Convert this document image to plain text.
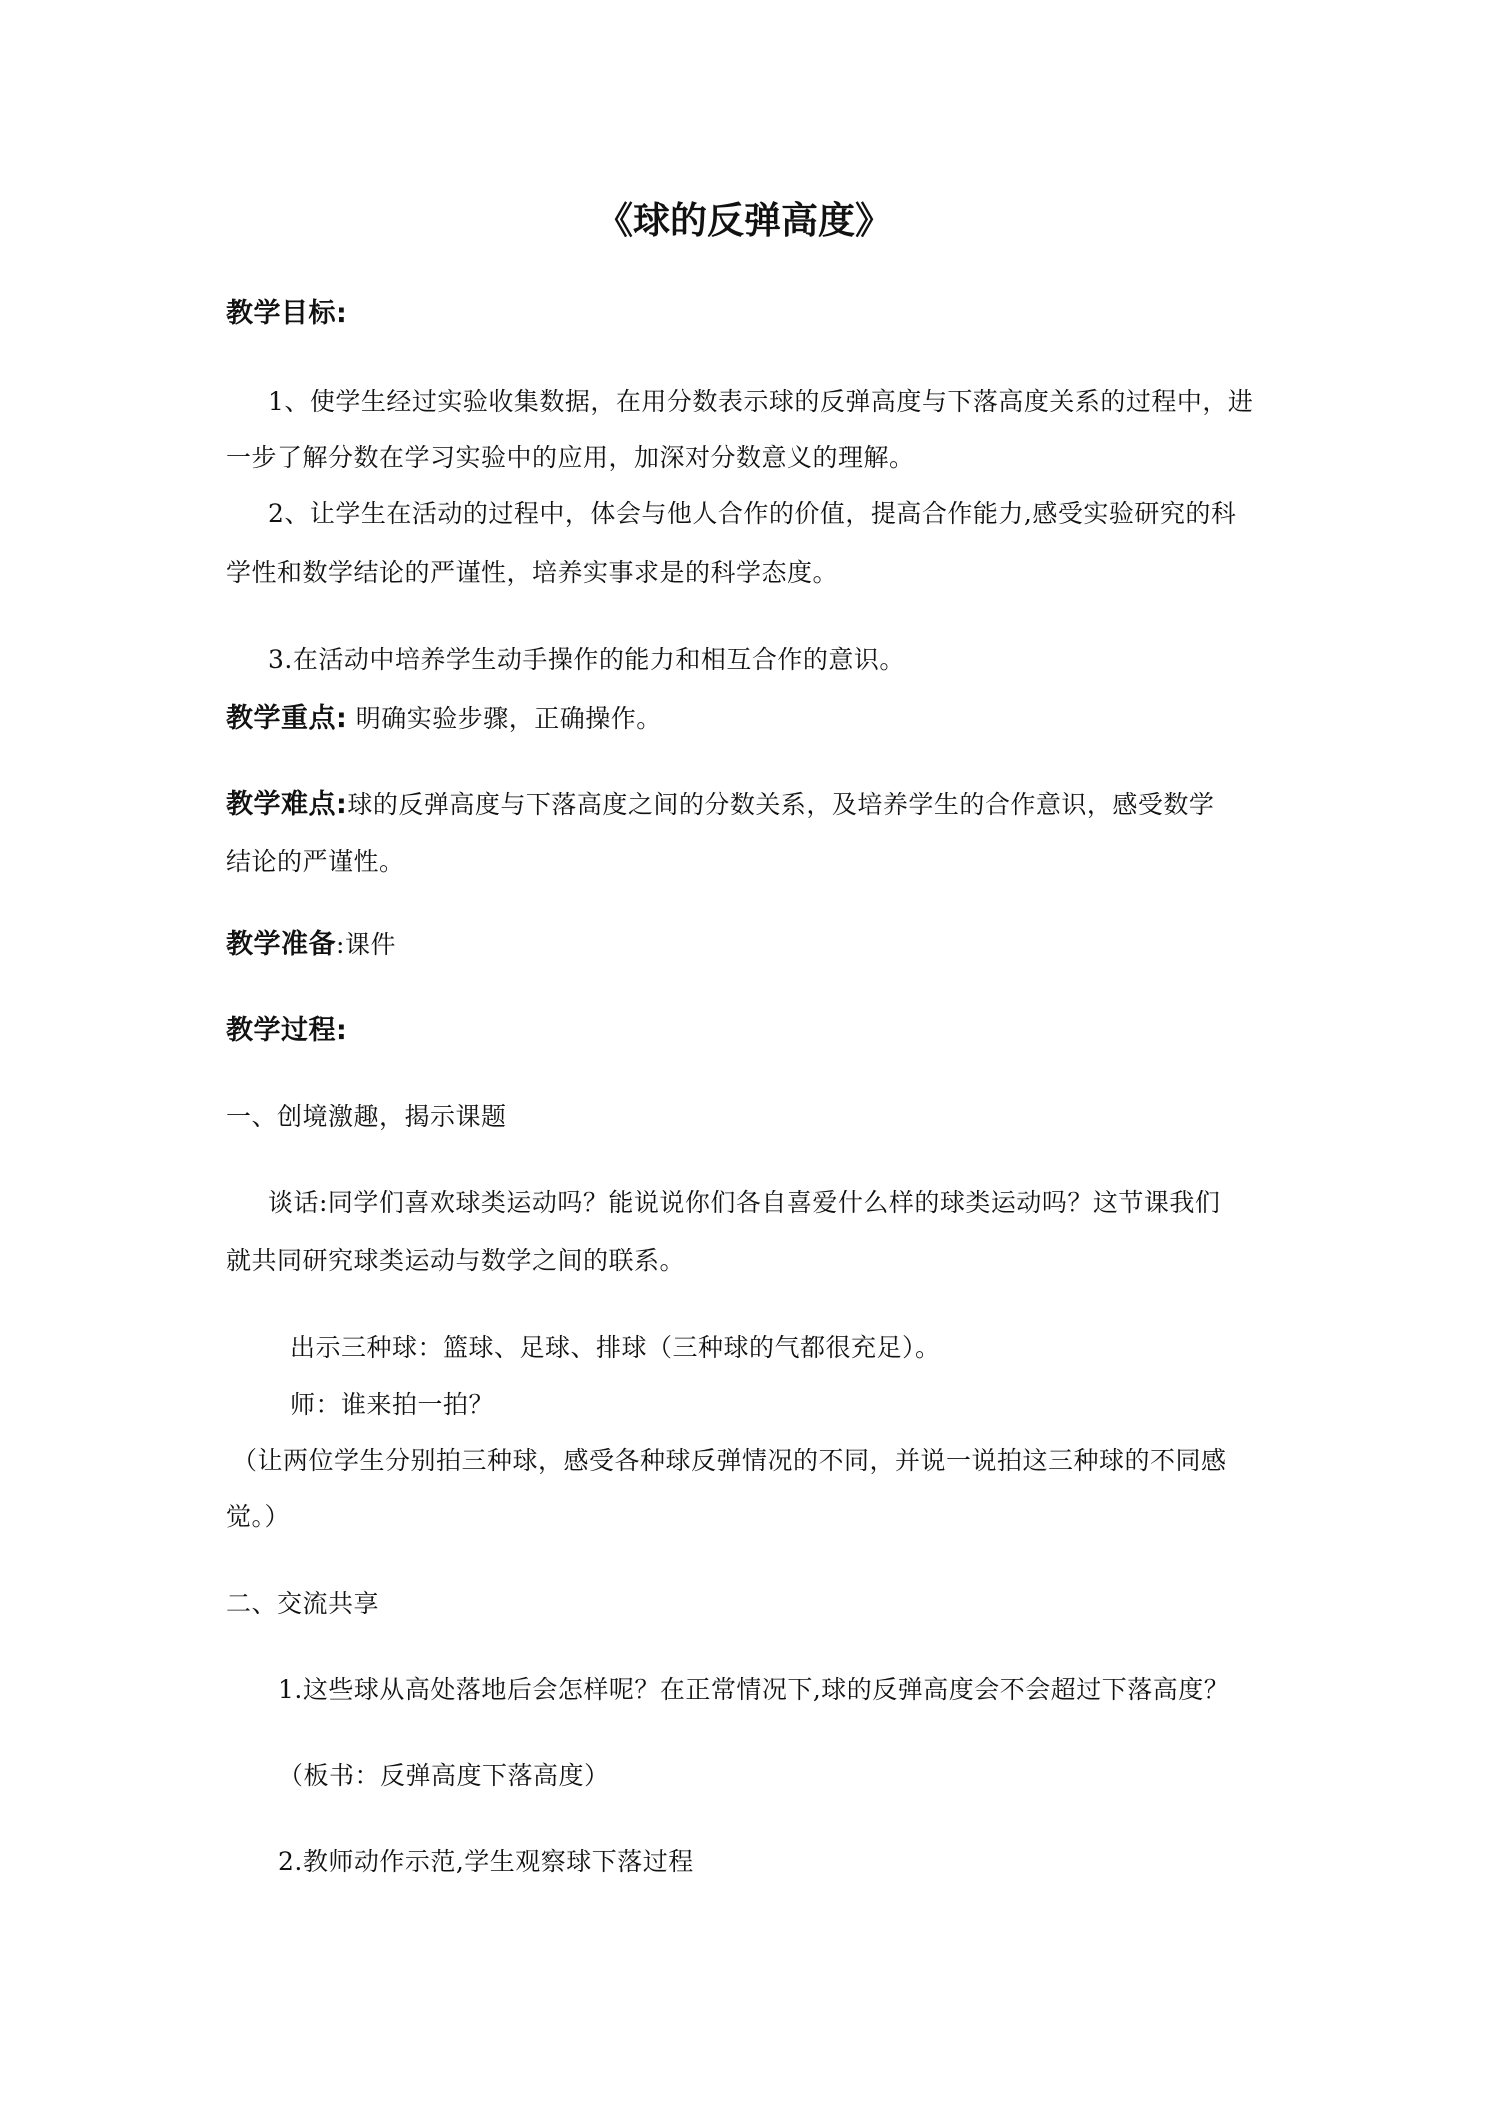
《球的反弹高度》
教学目标:
1、使学生经过实验收集数据，在用分数表示球的反弹高度与下落高度关系的过程中，进
一步了解分数在学习实验中的应用，加深对分数意义的理解。
2、让学生在活动的过程中，体会与他人合作的价值，提高合作能力,感受实验研究的科
学性和数学结论的严谨性，培养实事求是的科学态度。
3.在活动中培养学生动手操作的能力和相互合作的意识。
教学重点: 明确实验步骤，正确操作。
教学难点:球的反弹高度与下落高度之间的分数关系，及培养学生的合作意识，感受数学
结论的严谨性。
教学准备:课件
教学过程:
一、创境激趣，揭示课题
谈话:同学们喜欢球类运动吗？能说说你们各自喜爱什么样的球类运动吗？这节课我们
就共同研究球类运动与数学之间的联系。
出示三种球：篮球、足球、排球（三种球的气都很充足）。
师：谁来拍一拍？
（让两位学生分别拍三种球，感受各种球反弹情况的不同，并说一说拍这三种球的不同感
觉。）
二、交流共享
1.这些球从高处落地后会怎样呢？在正常情况下,球的反弹高度会不会超过下落高度？
（板书：反弹高度下落高度）
2.教师动作示范,学生观察球下落过程
